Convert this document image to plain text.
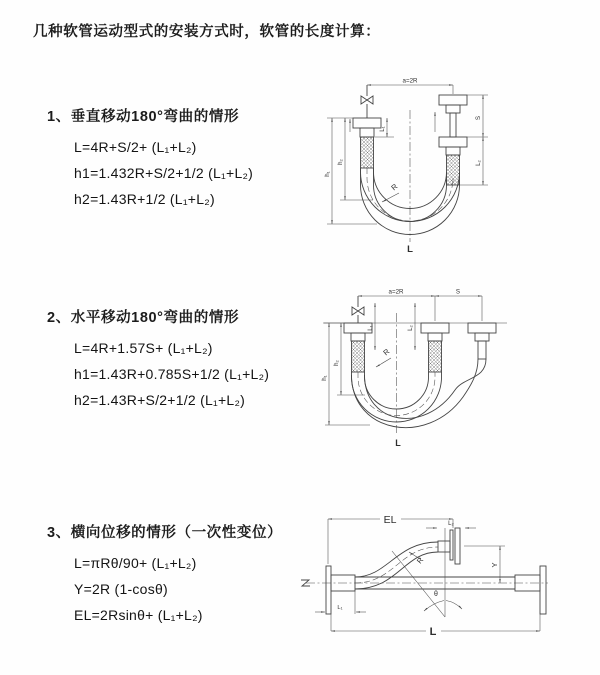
几种软管运动型式的安装方式时，软管的长度计算：
1、垂直移动180°弯曲的情形
L=4R+S/2+ (L₁+L₂)
h1=1.432R+S/2+1/2 (L₁+L₂)
h2=1.43R+1/2 (L₁+L₂)
2、水平移动180°弯曲的情形
L=4R+1.57S+ (L₁+L₂)
h1=1.43R+0.785S+1/2 (L₁+L₂)
h2=1.43R+S/2+1/2 (L₁+L₂)
3、横向位移的情形（一次性变位）
L=πRθ/90+ (L₁+L₂)
Y=2R (1-cosθ)
EL=2Rsinθ+ (L₁+L₂)
a=2R
L₁
h₁
h₂
S
L₂
R
L
a=2R	S
L₁	L₂
h₁
h₂
R
L
EL	L₂
R	Y
θ
L
L₁
